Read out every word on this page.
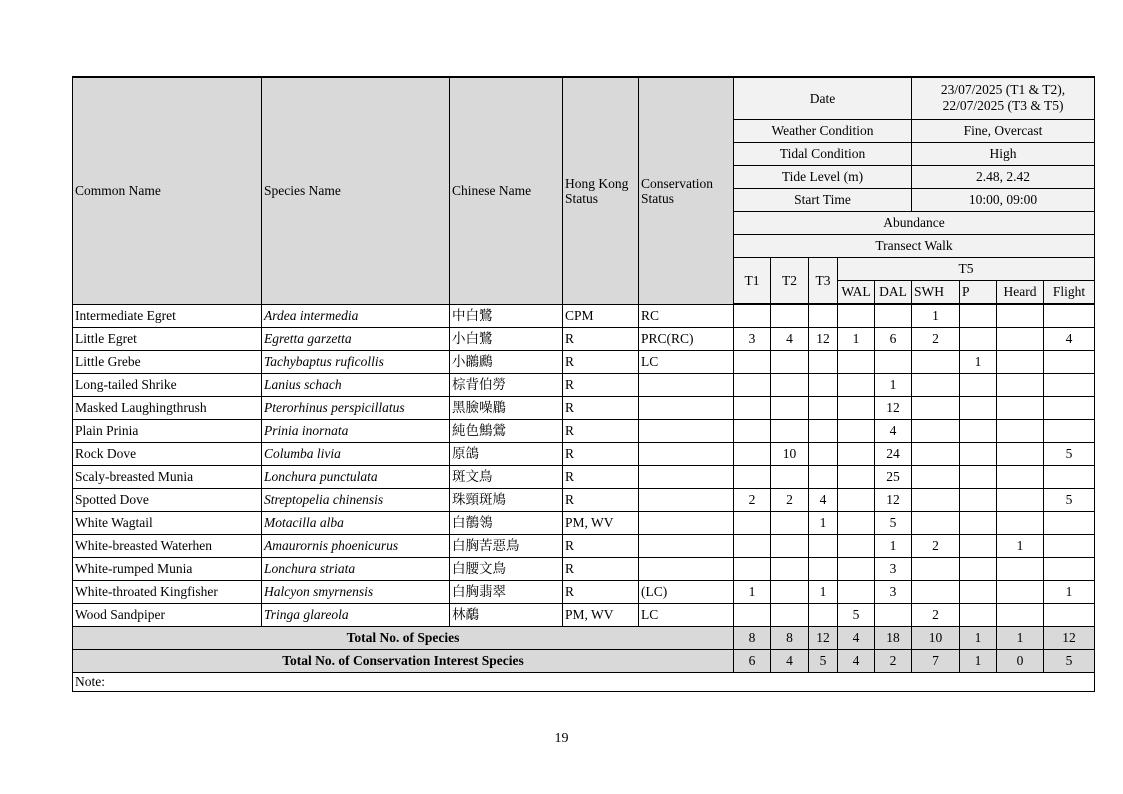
Common Name	Species Name	Chinese Name	Hong Kong Status	Conservation Status	Date					23/07/2025 (T1 & T2),
22/07/2025 (T3 & T5)			

					Weather Condition					Fine, Overcast			
					Tidal Condition					High			
					Tide Level (m)					2.48, 2.42			
					Start Time					10:00, 09:00			
					Abundance								
					Transect Walk								
					T1	T2	T3	T5					
								WAL	DAL	SWH	P	Heard	Flight

Intermediate Egret	Ardea intermedia	中白鷺	CPM	RC						1			
Little Egret	Egretta garzetta	小白鷺	R	PRC(RC)	3	4	12	1	6	2			4
Little Grebe	Tachybaptus ruficollis	小鸊鷉	R	LC							1		
Long-tailed Shrike	Lanius schach	棕背伯勞	R						1				
Masked Laughingthrush	Pterorhinus perspicillatus	黑臉噪鶥	R						12				
Plain Prinia	Prinia inornata	純色鷦鶯	R						4				
Rock Dove	Columba livia	原鴿	R			10			24				5
Scaly-breasted Munia	Lonchura punctulata	斑文鳥	R						25				
Spotted Dove	Streptopelia chinensis	珠頸斑鳩	R		2	2	4		12				5
White Wagtail	Motacilla alba	白鶺鴒	PM, WV				1		5				
White-breasted Waterhen	Amaurornis phoenicurus	白胸苦惡鳥	R						1	2		1	
White-rumped Munia	Lonchura striata	白腰文鳥	R						3				
White-throated Kingfisher	Halcyon smyrnensis	白胸翡翠	R	(LC)	1		1		3				1
Wood Sandpiper	Tringa glareola	林鷸	PM, WV	LC				5		2			
Total No. of Species					8	8	12	4	18	10	1	1	12
Total No. of Conservation Interest Species					6	4	5	4	2	7	1	0	5
Note:													
19
